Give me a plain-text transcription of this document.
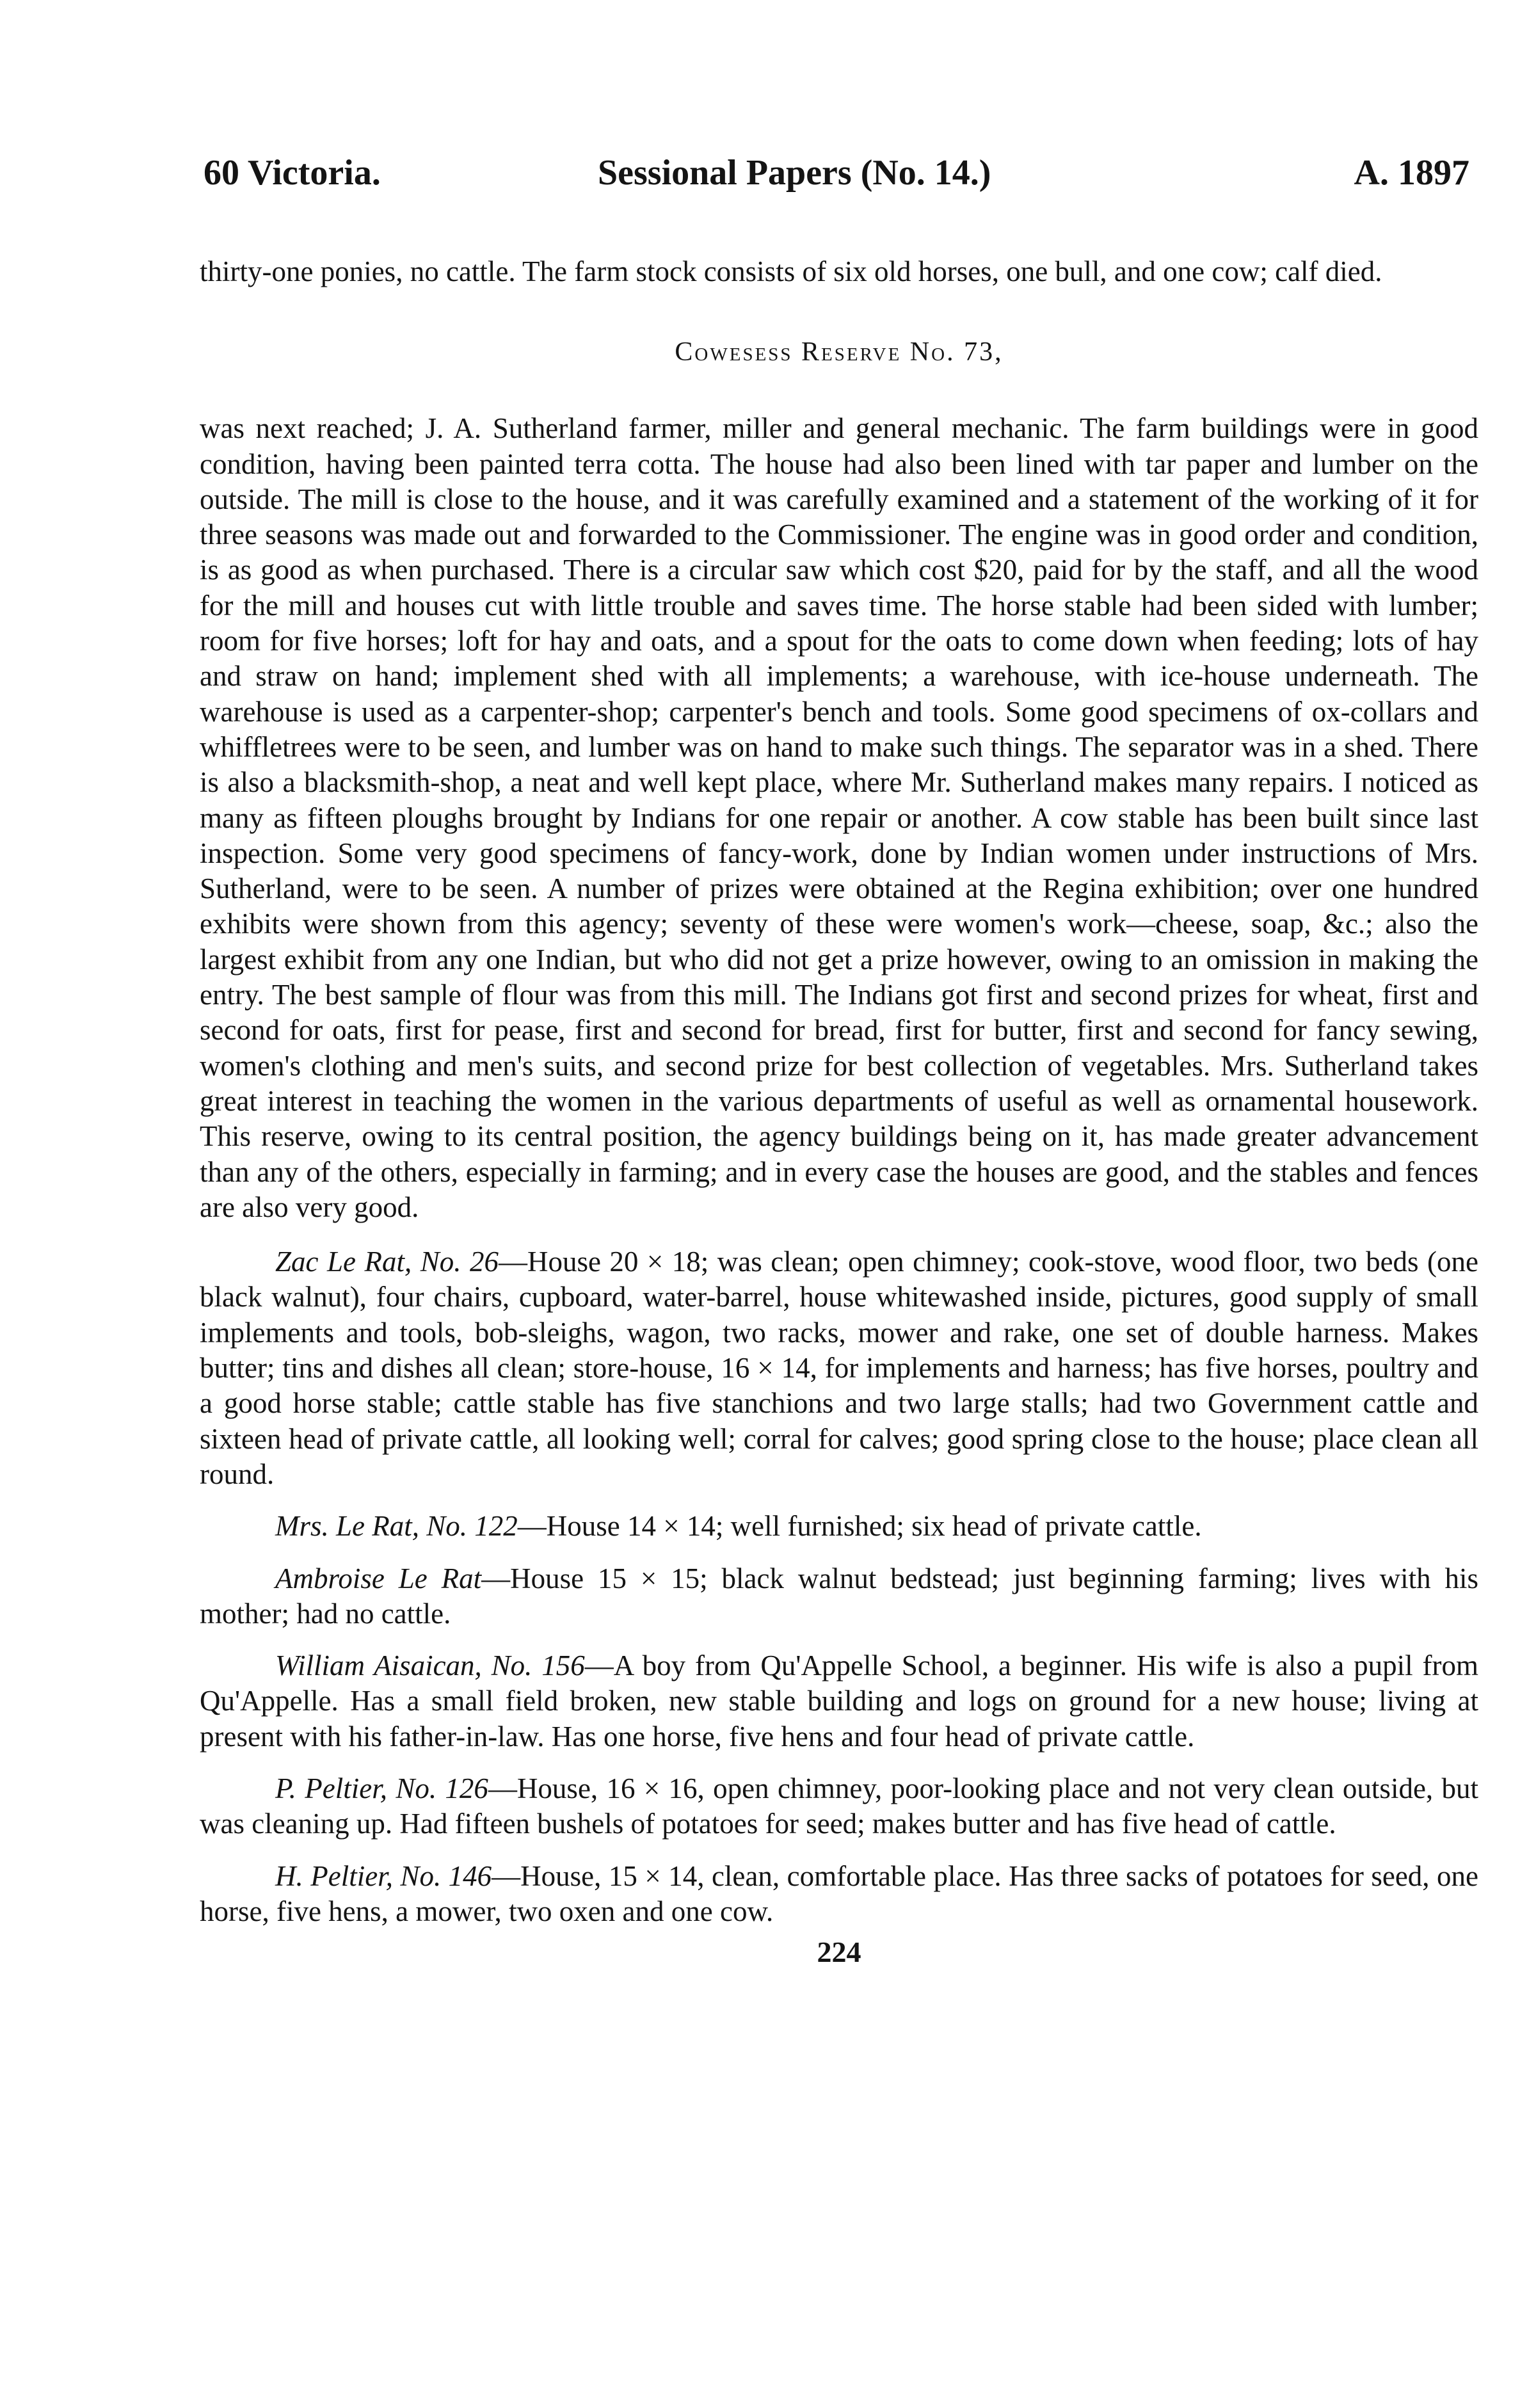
60 Victoria.	Sessional Papers (No. 14.)	A. 1897

thirty-one ponies, no cattle. The farm stock consists of six old horses, one bull, and one cow; calf died.

Cowesess Reserve No. 73,

was next reached; J. A. Sutherland farmer, miller and general mechanic. The farm buildings were in good condition, having been painted terra cotta. The house had also been lined with tar paper and lumber on the outside. The mill is close to the house, and it was carefully examined and a statement of the working of it for three seasons was made out and forwarded to the Commissioner. The engine was in good order and condition, is as good as when purchased. There is a circular saw which cost $20, paid for by the staff, and all the wood for the mill and houses cut with little trouble and saves time. The horse stable had been sided with lumber; room for five horses; loft for hay and oats, and a spout for the oats to come down when feeding; lots of hay and straw on hand; implement shed with all implements; a warehouse, with ice-house underneath. The warehouse is used as a carpenter-shop; carpenter's bench and tools. Some good specimens of ox-collars and whiffletrees were to be seen, and lumber was on hand to make such things. The separator was in a shed. There is also a blacksmith-shop, a neat and well kept place, where Mr. Sutherland makes many repairs. I noticed as many as fifteen ploughs brought by Indians for one repair or another. A cow stable has been built since last inspection. Some very good specimens of fancy-work, done by Indian women under instructions of Mrs. Sutherland, were to be seen. A number of prizes were obtained at the Regina exhibition; over one hundred exhibits were shown from this agency; seventy of these were women's work—cheese, soap, &c.; also the largest exhibit from any one Indian, but who did not get a prize however, owing to an omission in making the entry. The best sample of flour was from this mill. The Indians got first and second prizes for wheat, first and second for oats, first for pease, first and second for bread, first for butter, first and second for fancy sewing, women's clothing and men's suits, and second prize for best collection of vegetables. Mrs. Sutherland takes great interest in teaching the women in the various departments of useful as well as ornamental housework. This reserve, owing to its central position, the agency buildings being on it, has made greater advancement than any of the others, especially in farming; and in every case the houses are good, and the stables and fences are also very good.

Zac Le Rat, No. 26—House 20 × 18; was clean; open chimney; cook-stove, wood floor, two beds (one black walnut), four chairs, cupboard, water-barrel, house whitewashed inside, pictures, good supply of small implements and tools, bob-sleighs, wagon, two racks, mower and rake, one set of double harness. Makes butter; tins and dishes all clean; store-house, 16 × 14, for implements and harness; has five horses, poultry and a good horse stable; cattle stable has five stanchions and two large stalls; had two Government cattle and sixteen head of private cattle, all looking well; corral for calves; good spring close to the house; place clean all round.

Mrs. Le Rat, No. 122—House 14 × 14; well furnished; six head of private cattle.

Ambroise Le Rat—House 15 × 15; black walnut bedstead; just beginning farming; lives with his mother; had no cattle.

William Aisaican, No. 156—A boy from Qu'Appelle School, a beginner. His wife is also a pupil from Qu'Appelle. Has a small field broken, new stable building and logs on ground for a new house; living at present with his father-in-law. Has one horse, five hens and four head of private cattle.

P. Peltier, No. 126—House, 16 × 16, open chimney, poor-looking place and not very clean outside, but was cleaning up. Had fifteen bushels of potatoes for seed; makes butter and has five head of cattle.

H. Peltier, No. 146—House, 15 × 14, clean, comfortable place. Has three sacks of potatoes for seed, one horse, five hens, a mower, two oxen and one cow.

224
